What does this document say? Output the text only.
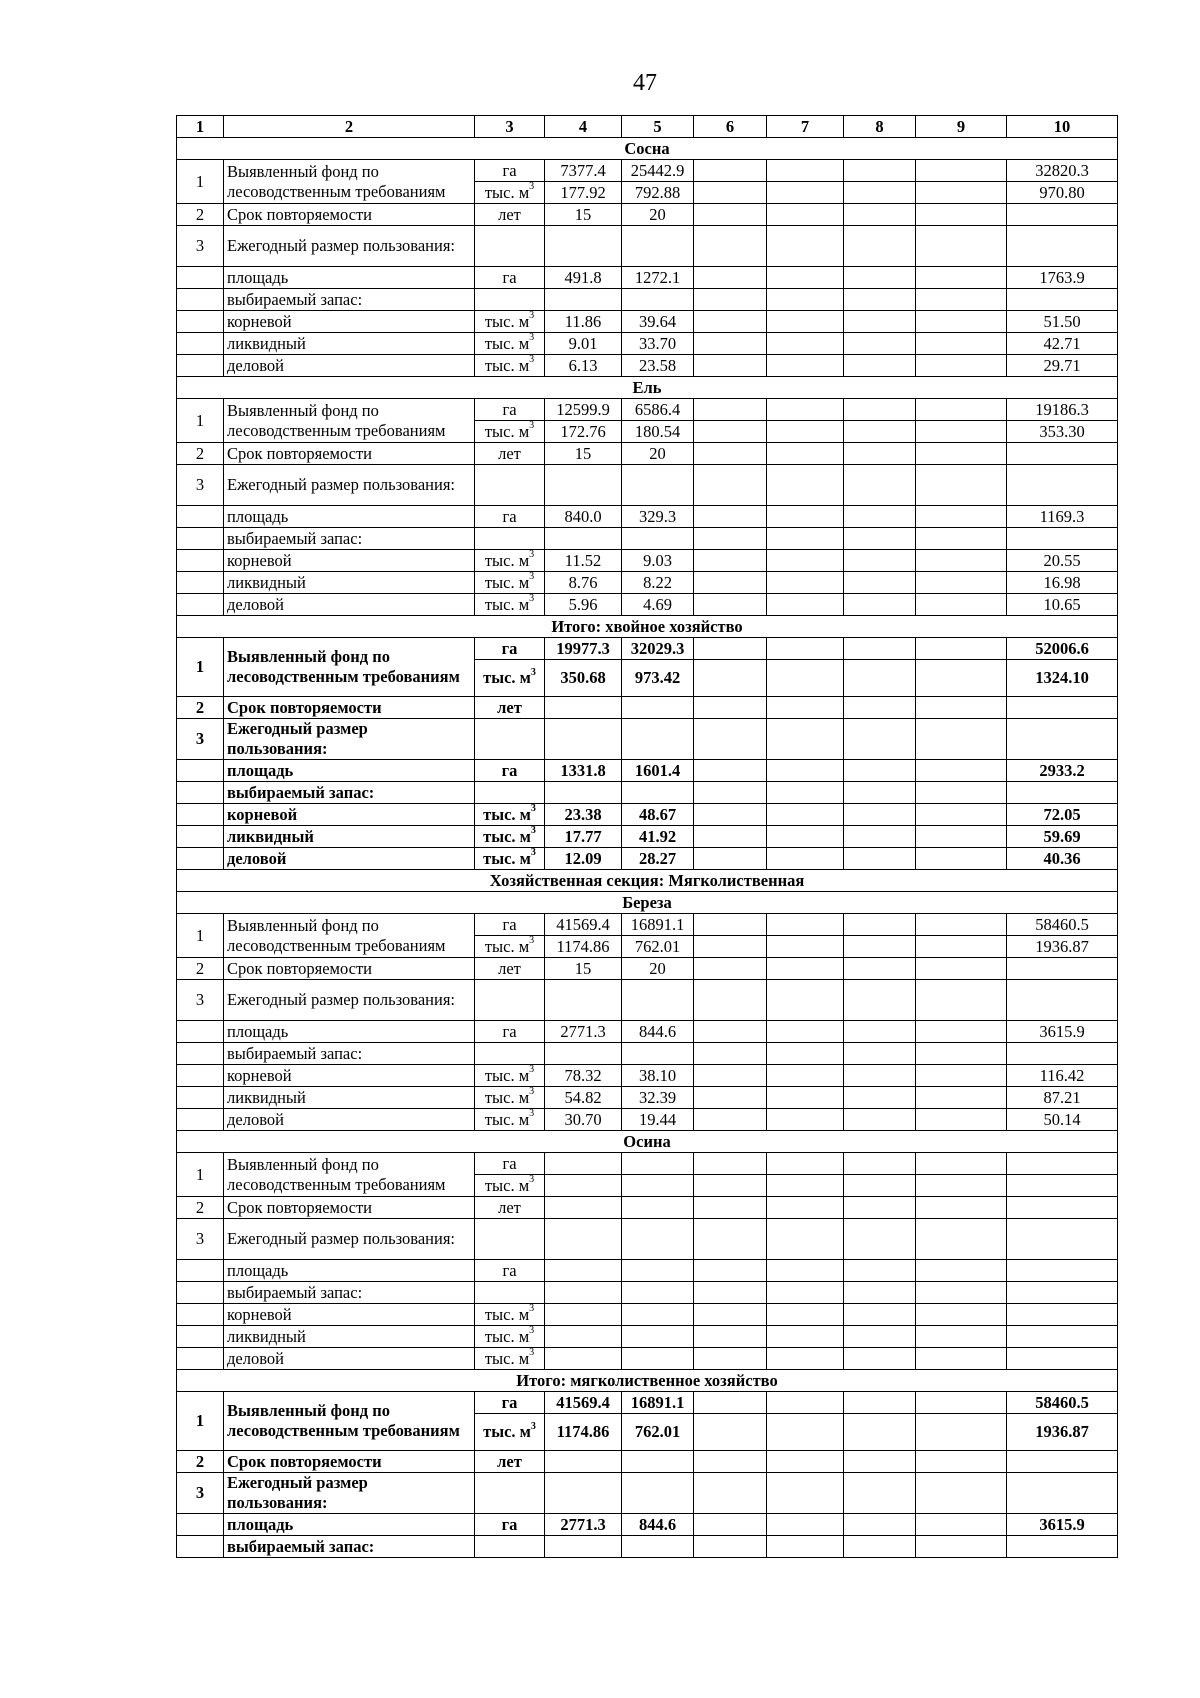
47
1	2	3	4	5	6	7	8	9	10
Сосна									
1	Выявленный фонд по лесоводственным требованиям	га	7377.4	25442.9					32820.3
		тыс. $м^3$	177.92	792.88					970.80
2	Срок повторяемости	лет	15	20					
3	Ежегодный размер пользования:								
	площадь	га	491.8	1272.1					1763.9
	выбираемый запас:								
	корневой	тыс. $м^3$	11.86	39.64					51.50
	ликвидный	тыс. $м^3$	9.01	33.70					42.71
	деловой	тыс. $м^3$	6.13	23.58					29.71
Ель									
1	Выявленный фонд по лесоводственным требованиям	га	12599.9	6586.4					19186.3
		тыс. $м^3$	172.76	180.54					353.30
2	Срок повторяемости	лет	15	20					
3	Ежегодный размер пользования:								
	площадь	га	840.0	329.3					1169.3
	выбираемый запас:								
	корневой	тыс. $м^3$	11.52	9.03					20.55
	ликвидный	тыс. $м^3$	8.76	8.22					16.98
	деловой	тыс. $м^3$	5.96	4.69					10.65
Итого: хвойное хозяйство									
1	Выявленный фонд по лесоводственным требованиям	га	19977.3	32029.3					52006.6
		тыс. $м^3$	350.68	973.42					1324.10
2	Срок повторяемости	лет							
3	Ежегодный размер пользования:								
	площадь	га	1331.8	1601.4					2933.2
	выбираемый запас:								
	корневой	тыс. $м^3$	23.38	48.67					72.05
	ликвидный	тыс. $м^3$	17.77	41.92					59.69
	деловой	тыс. $м^3$	12.09	28.27					40.36
Хозяйственная секция: Мягколиственная									
Береза									
1	Выявленный фонд по лесоводственным требованиям	га	41569.4	16891.1					58460.5
		тыс. $м^3$	1174.86	762.01					1936.87
2	Срок повторяемости	лет	15	20					
3	Ежегодный размер пользования:								
	площадь	га	2771.3	844.6					3615.9
	выбираемый запас:								
	корневой	тыс. $м^3$	78.32	38.10					116.42
	ликвидный	тыс. $м^3$	54.82	32.39					87.21
	деловой	тыс. $м^3$	30.70	19.44					50.14
Осина									
1	Выявленный фонд по лесоводственным требованиям	га							
		тыс. $м^3$							
2	Срок повторяемости	лет							
3	Ежегодный размер пользования:								
	площадь	га							
	выбираемый запас:								
	корневой	тыс. $м^3$							
	ликвидный	тыс. $м^3$							
	деловой	тыс. $м^3$							
Итого: мягколиственное хозяйство									
1	Выявленный фонд по лесоводственным требованиям	га	41569.4	16891.1					58460.5
		тыс. $м^3$	1174.86	762.01					1936.87
2	Срок повторяемости	лет							
3	Ежегодный размер пользования:								
	площадь	га	2771.3	844.6					3615.9
	выбираемый запас:								
